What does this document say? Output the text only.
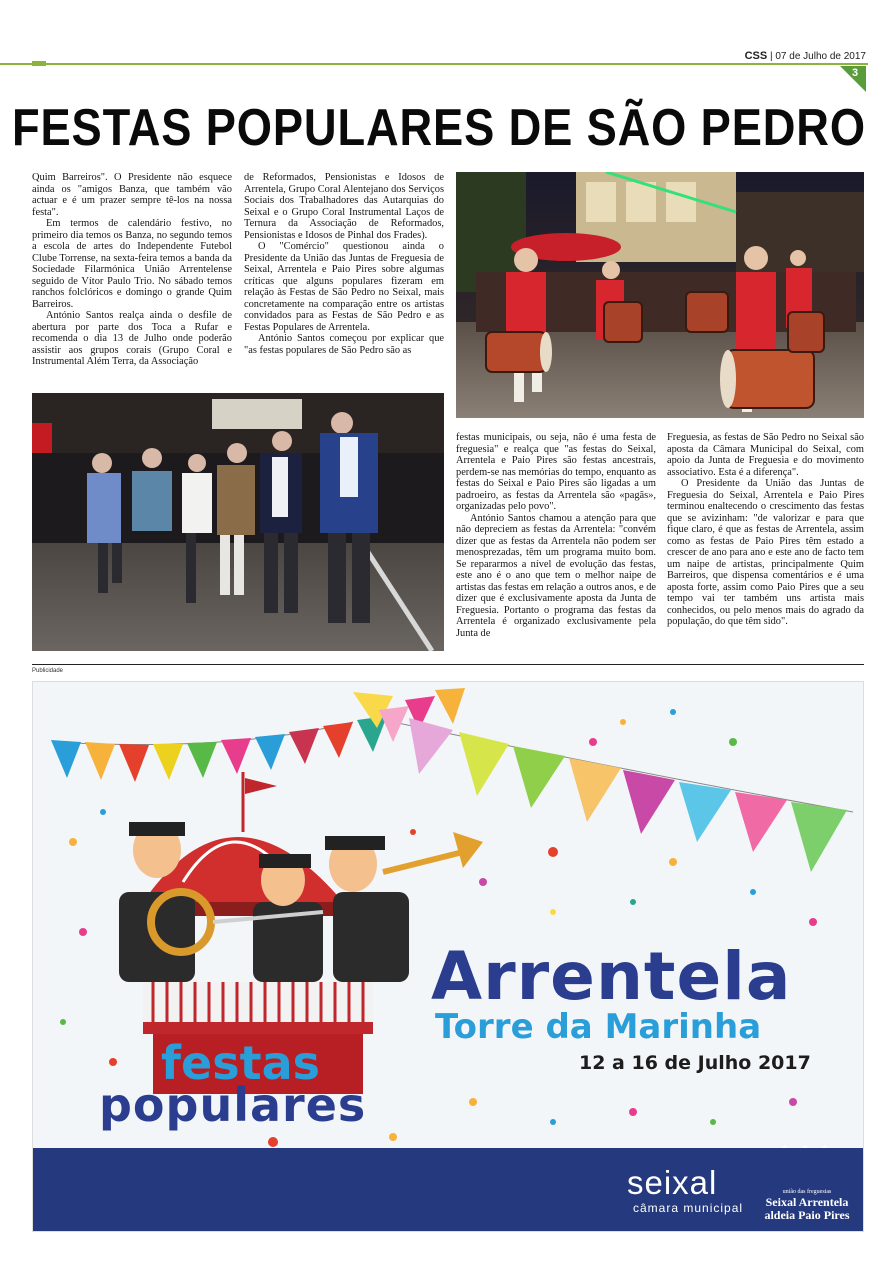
CSS | 07 de Julho de 2017
3
FESTAS POPULARES DE SÃO PEDRO

Quim Barreiros". O Presidente não esquece ainda os "amigos Banza, que também vão actuar e é um prazer sempre tê-los na nossa festa".

Em termos de calendário festivo, no primeiro dia temos os Banza, no segundo temos a escola de artes do Independente Futebol Clube Torrense, na sexta-feira temos a banda da Sociedade Filarmónica União Arrentelense seguido de Vítor Paulo Trio. No sábado temos ranchos folclóricos e domingo o grande Quim Barreiros.

António Santos realça ainda o desfile de abertura por parte dos Toca a Rufar e recomenda o dia 13 de Julho onde poderão assistir aos grupos corais (Grupo Coral e Instrumental Além Terra, da Associação

de Reformados, Pensionistas e Idosos de Arrentela, Grupo Coral Alentejano dos Serviços Sociais dos Trabalhadores das Autarquias do Seixal e o Grupo Coral Instrumental Laços de Ternura da Associação de Reformados, Pensionistas e Idosos de Pinhal dos Frades).

O "Comércio" questionou ainda o Presidente da União das Juntas de Freguesia de Seixal, Arrentela e Paio Pires sobre algumas críticas que alguns populares fizeram em relação às Festas de São Pedro no Seixal, mais concretamente na comparação entre os artistas convidados para as Festas de São Pedro e as Festas Populares de Arrentela.

António Santos começou por explicar que "as festas populares de São Pedro são as

festas municipais, ou seja, não é uma festa de freguesia" e realça que "as festas do Seixal, Arrentela e Paio Pires são festas ancestrais, perdem-se nas memórias do tempo, enquanto as festas do Seixal e Paio Pires são ligadas a um padroeiro, as festas da Arrentela são «pagãs», organizadas pelo povo".

António Santos chamou a atenção para que não depreciem as festas da Arrentela: "convém dizer que as festas da Arrentela não podem ser menosprezadas, têm um programa muito bom. Se repararmos a nível de evolução das festas, este ano é o ano que tem o melhor naipe de artistas das festas em relação a outros anos, e de dizer que é exclusivamente aposta da Junta de Freguesia. Portanto o programa das festas da Arrentela é organizado exclusivamente pela Junta de

Freguesia, as festas de São Pedro no Seixal são aposta da Câmara Municipal do Seixal, com apoio da Junta de Freguesia e do movimento associativo. Esta é a diferença".

O Presidente da União das Juntas de Freguesia do Seixal, Arrentela e Paio Pires terminou enaltecendo o crescimento das festas que se avizinham: "de valorizar e para que fique claro, é que as festas de Arrentela, assim como as festas de Paio Pires têm estado a crescer de ano para ano e este ano de facto tem um naipe de artistas, principalmente Quim Barreiros, que dispensa comentários e é uma aposta forte, assim como Paio Pires que a seu tempo vai ter também uns artista mais conhecidos, ou pelo menos mais do agrado da população, do que têm sido".

Publicidade
Arrentela
Torre da Marinha
12 a 16 de Julho 2017
festas
populares
seixal
câmara municipal
união das freguesias
Seixal Arrentela
aldeia Paio Pires
